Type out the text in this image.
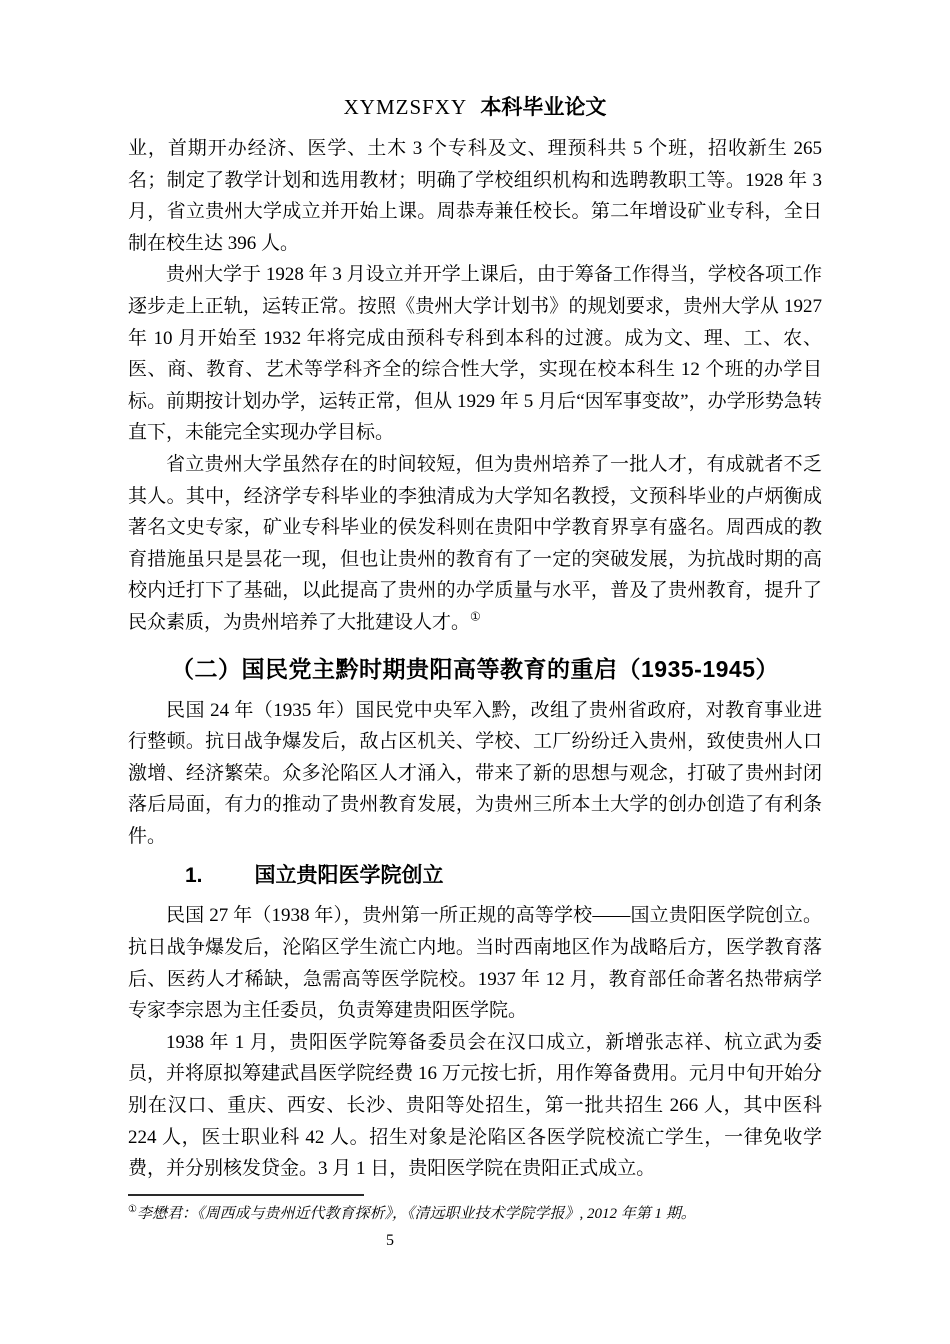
XYMZSFXY 本科毕业论文

业，首期开办经济、医学、土木 3 个专科及文、理预科共 5 个班，招收新生 265 名；制定了教学计划和选用教材；明确了学校组织机构和选聘教职工等。1928 年 3 月，省立贵州大学成立并开始上课。周恭寿兼任校长。第二年增设矿业专科，全日制在校生达 396 人。

贵州大学于 1928 年 3 月设立并开学上课后，由于筹备工作得当，学校各项工作逐步走上正轨，运转正常。按照《贵州大学计划书》的规划要求，贵州大学从 1927 年 10 月开始至 1932 年将完成由预科专科到本科的过渡。成为文、理、工、农、医、商、教育、艺术等学科齐全的综合性大学，实现在校本科生 12 个班的办学目标。前期按计划办学，运转正常，但从 1929 年 5 月后“因军事变故”，办学形势急转直下，未能完全实现办学目标。

省立贵州大学虽然存在的时间较短，但为贵州培养了一批人才，有成就者不乏其人。其中，经济学专科毕业的李独清成为大学知名教授，文预科毕业的卢炳衡成著名文史专家，矿业专科毕业的侯发科则在贵阳中学教育界享有盛名。周西成的教育措施虽只是昙花一现，但也让贵州的教育有了一定的突破发展，为抗战时期的高校内迁打下了基础，以此提高了贵州的办学质量与水平，普及了贵州教育，提升了民众素质，为贵州培养了大批建设人才。①

（二）国民党主黔时期贵阳高等教育的重启（1935-1945）

民国 24 年（1935 年）国民党中央军入黔，改组了贵州省政府，对教育事业进行整顿。抗日战争爆发后，敌占区机关、学校、工厂纷纷迁入贵州，致使贵州人口激增、经济繁荣。众多沦陷区人才涌入，带来了新的思想与观念，打破了贵州封闭落后局面，有力的推动了贵州教育发展，为贵州三所本土大学的创办创造了有利条件。

1. 国立贵阳医学院创立

民国 27 年（1938 年），贵州第一所正规的高等学校——国立贵阳医学院创立。抗日战争爆发后，沦陷区学生流亡内地。当时西南地区作为战略后方，医学教育落后、医药人才稀缺，急需高等医学院校。1937 年 12 月，教育部任命著名热带病学专家李宗恩为主任委员，负责筹建贵阳医学院。

1938 年 1 月，贵阳医学院筹备委员会在汉口成立，新增张志祥、杭立武为委员，并将原拟筹建武昌医学院经费 16 万元按七折，用作筹备费用。元月中旬开始分别在汉口、重庆、西安、长沙、贵阳等处招生，第一批共招生 266 人，其中医科 224 人，医士职业科 42 人。招生对象是沦陷区各医学院校流亡学生，一律免收学费，并分别核发贷金。3 月 1 日，贵阳医学院在贵阳正式成立。

①李懋君：《周西成与贵州近代教育探析》，《清远职业技术学院学报》, 2012 年第 1 期。
5
